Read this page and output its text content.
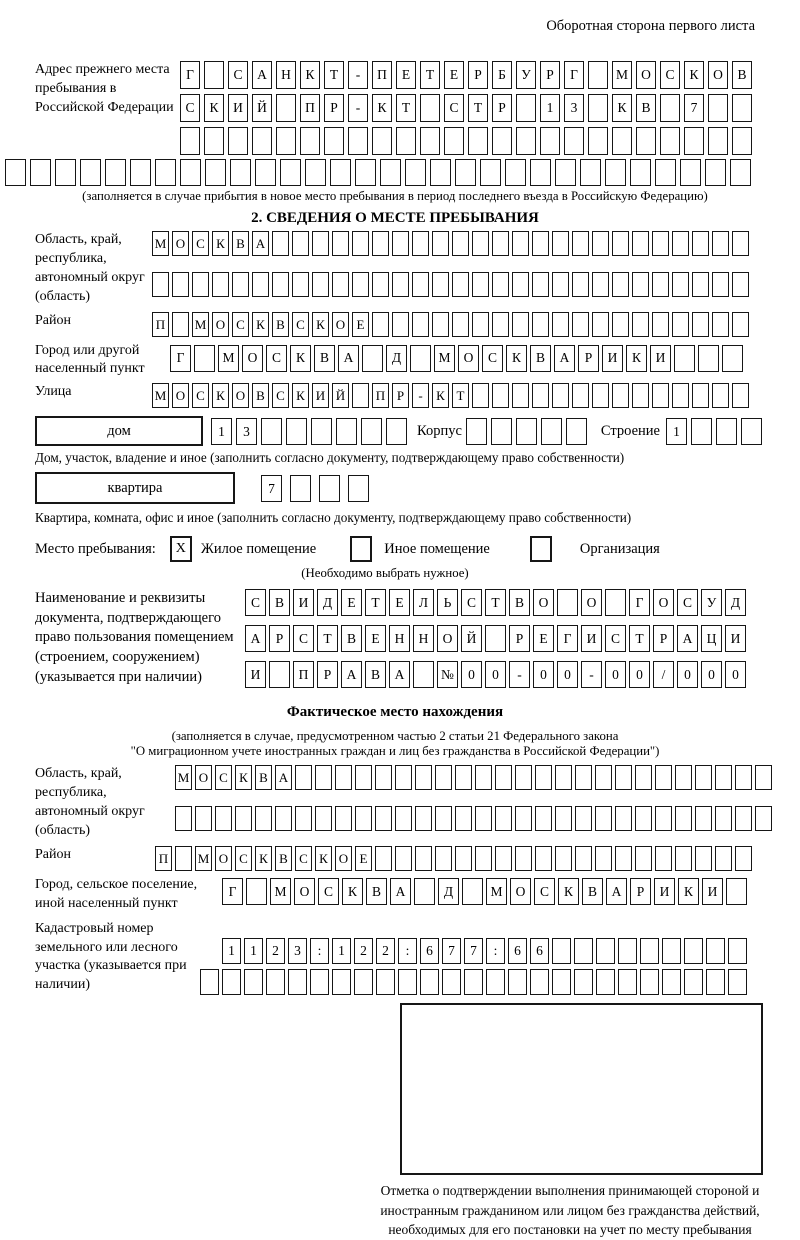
Оборотная сторона первого листа
Адрес прежнего места пребывания в Российской Федерации
Г	С	А	Н	К	Т	-	П	Е	Т	Е	Р	Б	У	Р	Г	М О	С	К	О	В
С	К	И	Й	П	Р	-	К	Т	С	Т	Р	1	3	К	В	7
(заполняется в случае прибытия в новое место пребывания в период последнего въезда в Российскую Федерацию)
2. СВЕДЕНИЯ О МЕСТЕ ПРЕБЫВАНИЯ
Область, край, республика, автономный округ (область)
М О С К В А
Район	П М О С К В С К О Е
Город или другой населенный пункт
Г	М О	С	К	В	А	Д	М О	С	К	В	А	Р	И	К	И
Улица	М О С К О В С К И Й П Р	-	К Т
дом	1	3	Корпус	Строение 1
Дом, участок, владение и иное (заполнить согласно документу, подтверждающему право собственности)
квартира	7
Квартира, комната, офис и иное (заполнить согласно документу, подтверждающему право собственности)
Место пребывания:	X	Жилое помещение	Иное помещение	Организация
(Необходимо выбрать нужное)
Наименование и реквизиты документа, подтверждающего право пользования помещением (строением, сооружением) (указывается при наличии)
С	В	И	Д	Е	Т	Е	Л	Ь	С	Т	В	О	О	Г	О	С	У	Д
А	Р	С	Т	В	Е	Н	Н	О	Й	Р	Е	Г	И	С	Т	Р	А	Ц	И
И	П	Р	А	В	А	№	0	0	-	0	0	-	0	0	/	0	0	0
Фактическое место нахождения
(заполняется в случае, предусмотренном частью 2 статьи 21 Федерального закона
"О миграционном учете иностранных граждан и лиц без гражданства в Российской Федерации")
Область, край, республика, автономный округ (область)
М О С К В А
Район	П М О С К В С К О Е
Город, сельское поселение, иной населенный пункт
Г	М О	С	К	В	А	Д	М О	С	К	В	А	Р	И	К	И
Кадастровый номер земельного или лесного участка (указывается при наличии)
1	1	2	3	:	1	2	2	:	6	7	7	:	6	6
Отметка о подтверждении выполнения принимающей стороной и иностранным гражданином или лицом без гражданства действий, необходимых для его постановки на учет по месту пребывания
